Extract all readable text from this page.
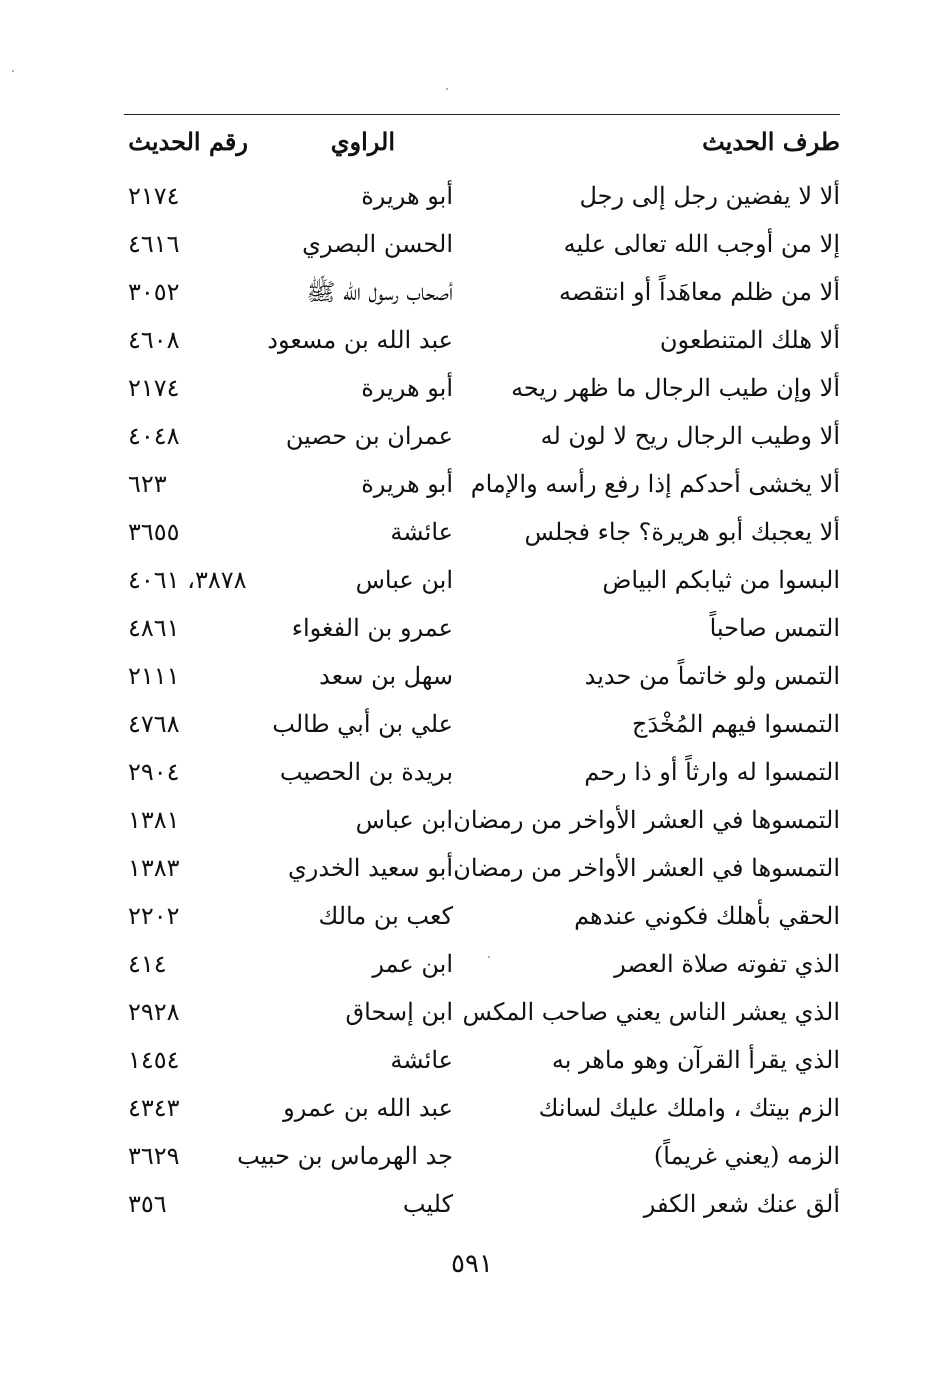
طرف الحديث
الراوي
رقم الحديث
ألا لا يفضين رجل إلى رجل
أبو هريرة
٢١٧٤
إلا من أوجب الله تعالى عليه
الحسن البصري
٤٦١٦
ألا من ظلم معاهَداً أو انتقصه
أصحاب رسول الله ﷺ
٣٠٥٢
ألا هلك المتنطعون
عبد الله بن مسعود
٤٦٠٨
ألا وإن طيب الرجال ما ظهر ريحه
أبو هريرة
٢١٧٤
ألا وطيب الرجال ريح لا لون له
عمران بن حصين
٤٠٤٨
ألا يخشى أحدكم إذا رفع رأسه والإمام
أبو هريرة
٦٢٣
ألا يعجبك أبو هريرة؟ جاء فجلس
عائشة
٣٦٥٥
البسوا من ثيابكم البياض
ابن عباس
٣٨٧٨، ٤٠٦١
التمس صاحباً
عمرو بن الفغواء
٤٨٦١
التمس ولو خاتماً من حديد
سهل بن سعد
٢١١١
التمسوا فيهم المُخْدَج
علي بن أبي طالب
٤٧٦٨
التمسوا له وارثاً أو ذا رحم
بريدة بن الحصيب
٢٩٠٤
التمسوها في العشر الأواخر من رمضان
ابن عباس
١٣٨١
التمسوها في العشر الأواخر من رمضان
أبو سعيد الخدري
١٣٨٣
الحقي بأهلك فكوني عندهم
كعب بن مالك
٢٢٠٢
الذي تفوته صلاة العصر
ابن عمر
٤١٤
الذي يعشر الناس يعني صاحب المكس
ابن إسحاق
٢٩٢٨
الذي يقرأ القرآن وهو ماهر به
عائشة
١٤٥٤
الزم بيتك ، واملك عليك لسانك
عبد الله بن عمرو
٤٣٤٣
الزمه (يعني غريماً)
جد الهرماس بن حبيب
٣٦٢٩
ألق عنك شعر الكفر
كليب
٣٥٦
٥٩١
